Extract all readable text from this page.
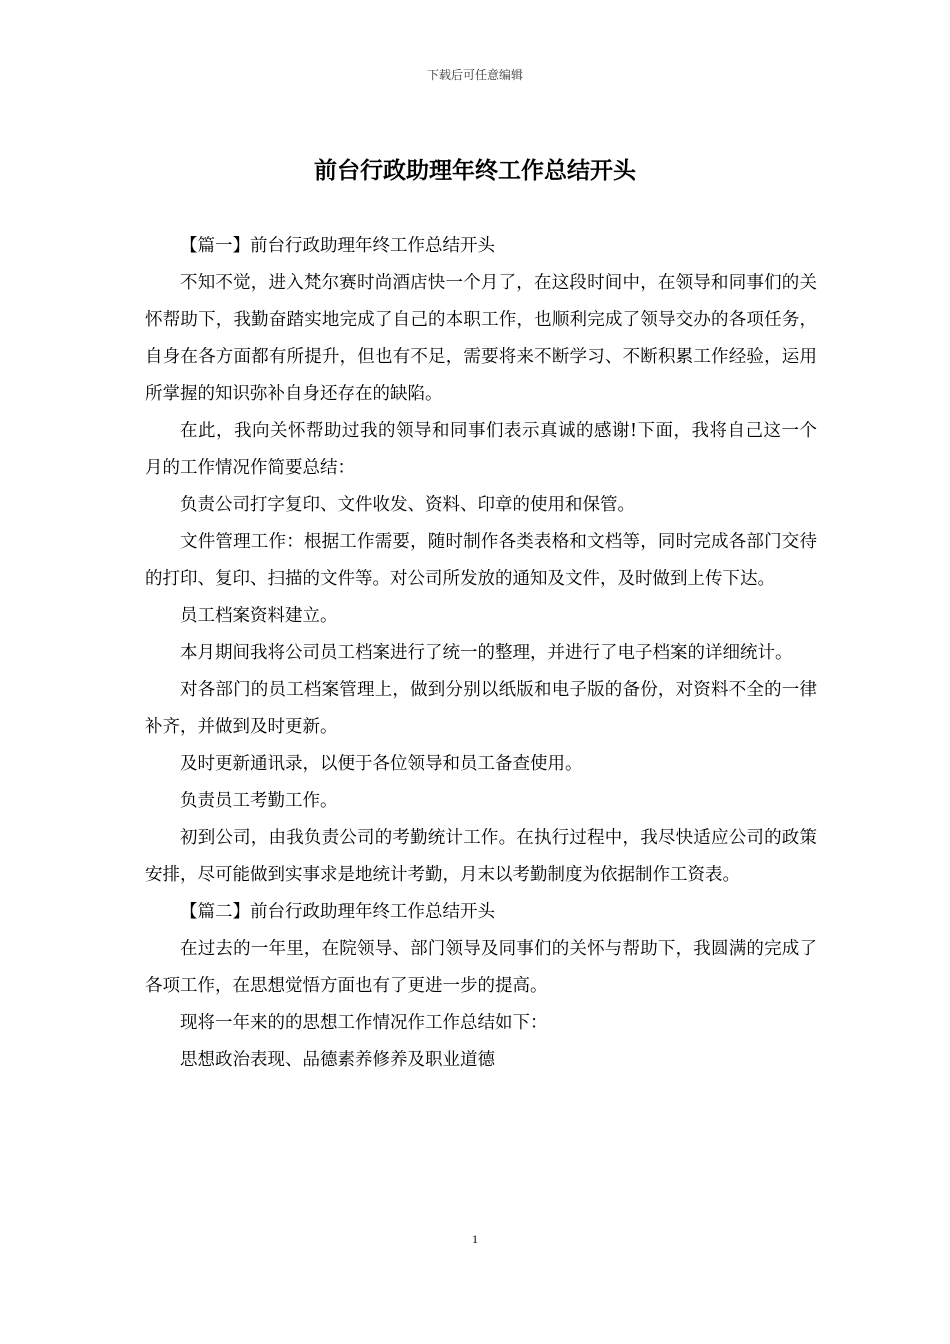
下载后可任意编辑
前台行政助理年终工作总结开头

【篇一】前台行政助理年终工作总结开头

不知不觉，进入梵尔赛时尚酒店快一个月了，在这段时间中，在领导和同事们的关怀帮助下，我勤奋踏实地完成了自己的本职工作，也顺利完成了领导交办的各项任务，自身在各方面都有所提升，但也有不足，需要将来不断学习、不断积累工作经验，运用所掌握的知识弥补自身还存在的缺陷。

在此，我向关怀帮助过我的领导和同事们表示真诚的感谢!下面，我将自己这一个月的工作情况作简要总结：

负责公司打字复印、文件收发、资料、印章的使用和保管。

文件管理工作：根据工作需要，随时制作各类表格和文档等，同时完成各部门交待的打印、复印、扫描的文件等。对公司所发放的通知及文件，及时做到上传下达。

员工档案资料建立。

本月期间我将公司员工档案进行了统一的整理，并进行了电子档案的详细统计。

对各部门的员工档案管理上，做到分别以纸版和电子版的备份，对资料不全的一律补齐，并做到及时更新。

及时更新通讯录，以便于各位领导和员工备查使用。

负责员工考勤工作。

初到公司，由我负责公司的考勤统计工作。在执行过程中，我尽快适应公司的政策安排，尽可能做到实事求是地统计考勤，月末以考勤制度为依据制作工资表。

【篇二】前台行政助理年终工作总结开头

在过去的一年里，在院领导、部门领导及同事们的关怀与帮助下，我圆满的完成了各项工作，在思想觉悟方面也有了更进一步的提高。

现将一年来的的思想工作情况作工作总结如下：

思想政治表现、品德素养修养及职业道德

1
